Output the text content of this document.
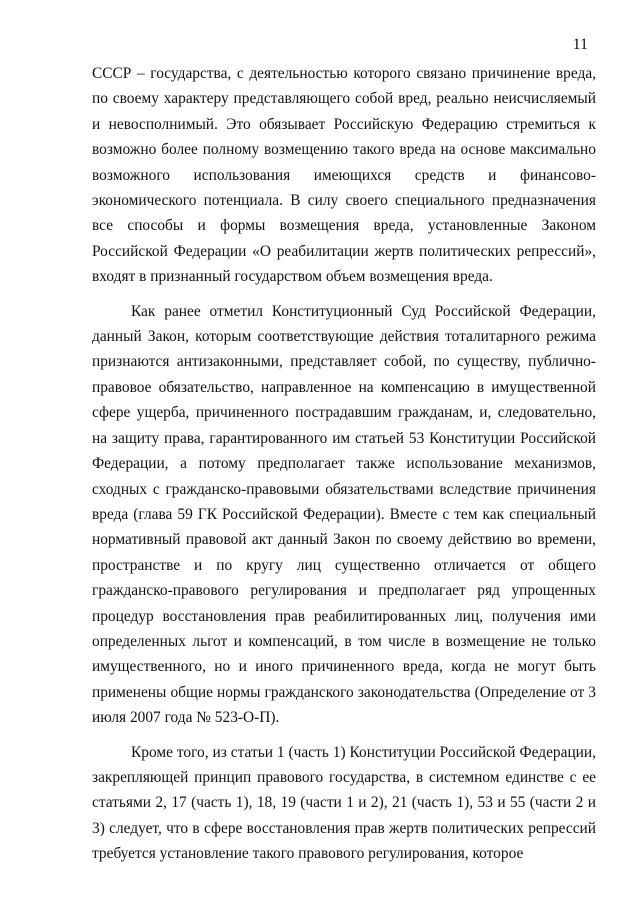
11

СССР – государства, с деятельностью которого связано причинение вреда, по своему характеру представляющего собой вред, реально неисчисляемый и невосполнимый. Это обязывает Российскую Федерацию стремиться к возможно более полному возмещению такого вреда на основе максимально возможного использования имеющихся средств и финансово-экономического потенциала. В силу своего специального предназначения все способы и формы возмещения вреда, установленные Законом Российской Федерации «О реабилитации жертв политических репрессий», входят в признанный государством объем возмещения вреда.

Как ранее отметил Конституционный Суд Российской Федерации, данный Закон, которым соответствующие действия тоталитарного режима признаются антизаконными, представляет собой, по существу, публично-правовое обязательство, направленное на компенсацию в имущественной сфере ущерба, причиненного пострадавшим гражданам, и, следовательно, на защиту права, гарантированного им статьей 53 Конституции Российской Федерации, а потому предполагает также использование механизмов, сходных с гражданско-правовыми обязательствами вследствие причинения вреда (глава 59 ГК Российской Федерации). Вместе с тем как специальный нормативный правовой акт данный Закон по своему действию во времени, пространстве и по кругу лиц существенно отличается от общего гражданско-правового регулирования и предполагает ряд упрощенных процедур восстановления прав реабилитированных лиц, получения ими определенных льгот и компенсаций, в том числе в возмещение не только имущественного, но и иного причиненного вреда, когда не могут быть применены общие нормы гражданского законодательства (Определение от 3 июля 2007 года № 523-О-П).

Кроме того, из статьи 1 (часть 1) Конституции Российской Федерации, закрепляющей принцип правового государства, в системном единстве с ее статьями 2, 17 (часть 1), 18, 19 (части 1 и 2), 21 (часть 1), 53 и 55 (части 2 и 3) следует, что в сфере восстановления прав жертв политических репрессий требуется установление такого правового регулирования, которое
